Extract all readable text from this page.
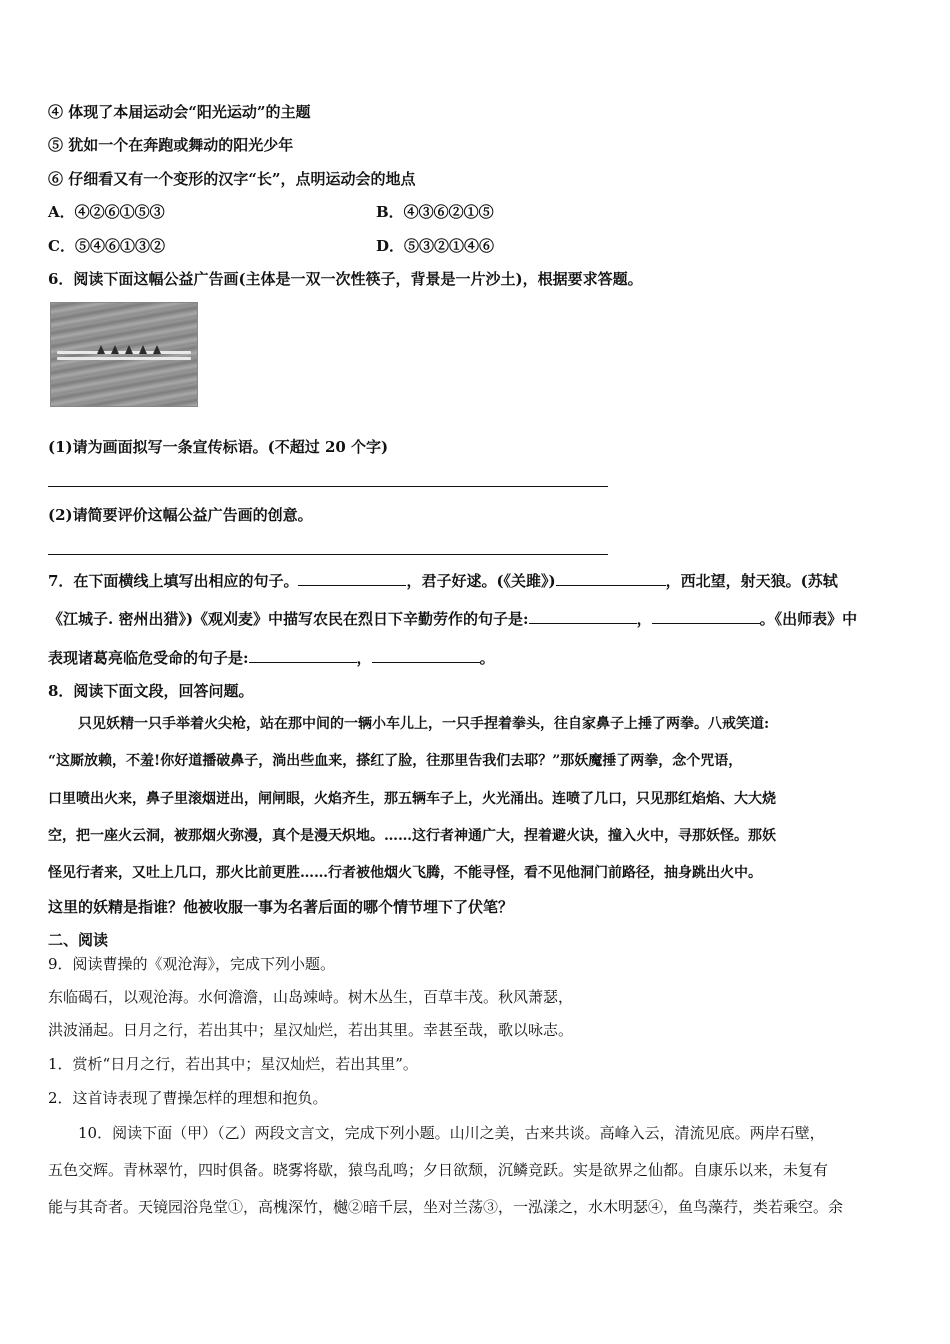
④ 体现了本届运动会“阳光运动”的主题
⑤ 犹如一个在奔跑或舞动的阳光少年
⑥ 仔细看又有一个变形的汉字“长”，点明运动会的地点
A．④②⑥①⑤③	B．④③⑥②①⑤
C．⑤④⑥①③②	D．⑤③②①④⑥
6．阅读下面这幅公益广告画(主体是一双一次性筷子，背景是一片沙土)，根据要求答题。
(1)请为画面拟写一条宣传标语。(不超过 20 个字)
(2)请简要评价这幅公益广告画的创意。
7．在下面横线上填写出相应的句子。	，君子好逑。(《关雎》)	，西北望，射天狼。(苏轼
《江城子. 密州出猎》)《观刈麦》中描写农民在烈日下辛勤劳作的句子是:	，	。《出师表》中
表现诸葛亮临危受命的句子是:	，	。
8．阅读下面文段，回答问题。
只见妖精一只手举着火尖枪，站在那中间的一辆小车儿上，一只手捏着拳头，往自家鼻子上捶了两拳。八戒笑道:
“这厮放赖，不羞!你好道播破鼻子，淌出些血来，搽红了脸，往那里告我们去耶？”那妖魔捶了两拳，念个咒语，
口里喷出火来，鼻子里滚烟迸出，闸闸眼，火焰齐生，那五辆车子上，火光涌出。连喷了几口，只见那红焰焰、大大烧
空，把一座火云洞，被那烟火弥漫，真个是漫天炽地。……这行者神通广大，捏着避火诀，撞入火中，寻那妖怪。那妖
怪见行者来，又吐上几口，那火比前更胜……行者被他烟火飞腾，不能寻怪，看不见他洞门前路径，抽身跳出火中。
这里的妖精是指谁？他被收服一事为名著后面的哪个情节埋下了伏笔？
二、阅读
9．阅读曹操的《观沧海》，完成下列小题。
东临碣石，以观沧海。水何澹澹，山岛竦峙。树木丛生，百草丰茂。秋风萧瑟，
洪波涌起。日月之行，若出其中；星汉灿烂，若出其里。幸甚至哉，歌以咏志。
1．赏析“日月之行，若出其中；星汉灿烂，若出其里”。
2．这首诗表现了曹操怎样的理想和抱负。
10．阅读下面（甲）（乙）两段文言文，完成下列小题。山川之美，古来共谈。高峰入云，清流见底。两岸石壁，
五色交辉。青林翠竹，四时俱备。晓雾将歇，猿鸟乱鸣；夕日欲颓，沉鳞竞跃。实是欲界之仙都。自康乐以来，未复有
能与其奇者。天镜园浴凫堂①，高槐深竹，樾②暗千层，坐对兰荡③，一泓漾之，水木明瑟④，鱼鸟藻荇，类若乘空。余
